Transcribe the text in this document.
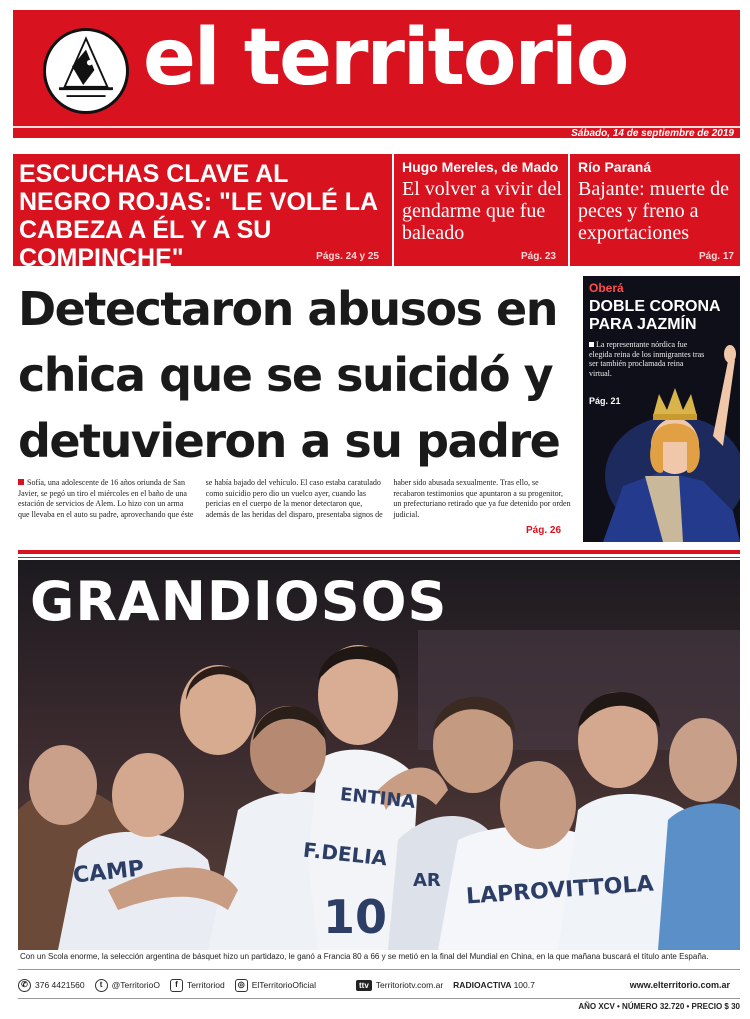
el territorio
Sábado, 14 de septiembre de 2019
Posadas, Misiones, Argentina
ESCUCHAS CLAVE AL NEGRO ROJAS: "LE VOLÉ LA CABEZA A ÉL Y A SU COMPINCHE"	Págs. 24 y 25
Hugo Mereles, de Mado
El volver a vivir del gendarme que fue baleado
Pág. 23
Río Paraná
Bajante: muerte de peces y freno a exportaciones
Pág. 17
Detectaron abusos en chica que se suicidó y detuvieron a su padre
Sofía, una adolescente de 16 años oriunda de San Javier, se pegó un tiro el miércoles en el baño de una estación de servicios de Alem. Lo hizo con un arma que llevaba en el auto su padre, aprovechando que éste se había bajado del vehículo. El caso estaba caratulado como suicidio pero dio un vuelco ayer, cuando las pericias en el cuerpo de la menor detectaron que, además de las heridas del disparo, presentaba signos de haber sido abusada sexualmente. Tras ello, se recabaron testimonios que apuntaron a su progenitor, un prefecturiano retirado que ya fue detenido por orden judicial.
Pág. 26
Oberá
DOBLE CORONA PARA JAZMÍN
La representante nórdica fue elegida reina de los inmigrantes tras ser también proclamada reina virtual.
Pág. 21
GRANDIOSOS
CAMP
F.DELIA
10
ENTINA
AR LAPROVITTOLA
Con un Scola enorme, la selección argentina de básquet hizo un partidazo, le ganó a Francia 80 a 66 y se metió en la final del Mundial en China, en la que mañana buscará el título ante España.
✆ 376 4421560	t	@TerritorioO	f	Territoriod	◎ ElTerritorioOficial	ttv Territoriotv.com.ar RADIOACTIVA 100.7	www.elterritorio.com.ar
AÑO XCV • NÚMERO 32.720 • PRECIO $ 30
